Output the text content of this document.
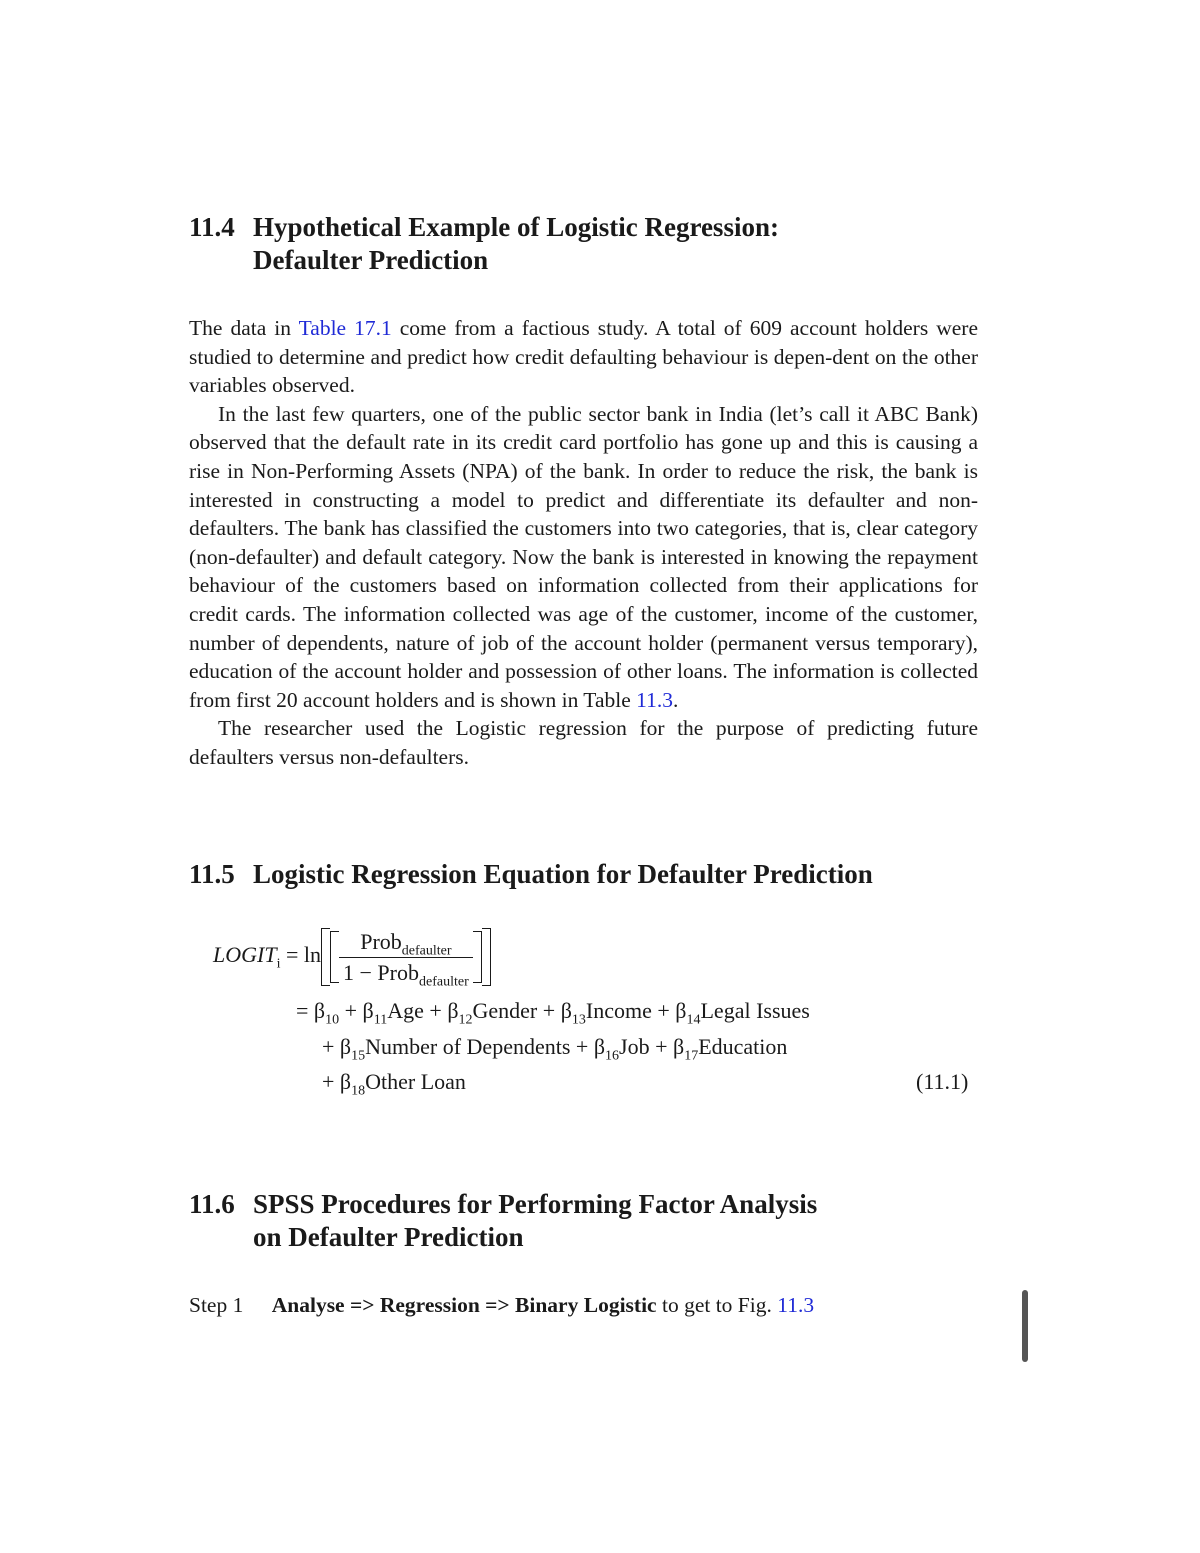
11.4 Hypothetical Example of Logistic Regression:
Defaulter Prediction

The data in Table 17.1 come from a factious study. A total of 609 account holders were studied to determine and predict how credit defaulting behaviour is depen-dent on the other variables observed.

In the last few quarters, one of the public sector bank in India (let’s call it ABC Bank) observed that the default rate in its credit card portfolio has gone up and this is causing a rise in Non-Performing Assets (NPA) of the bank. In order to reduce the risk, the bank is interested in constructing a model to predict and differentiate its defaulter and non-defaulters. The bank has classified the customers into two categories, that is, clear category (non-defaulter) and default category. Now the bank is interested in knowing the repayment behaviour of the customers based on information collected from their applications for credit cards. The information collected was age of the customer, income of the customer, number of dependents, nature of job of the account holder (permanent versus temporary), education of the account holder and possession of other loans. The information is collected from first 20 account holders and is shown in Table 11.3.

The researcher used the Logistic regression for the purpose of predicting future defaulters versus non-defaulters.

11.5 Logistic Regression Equation for Defaulter Prediction
$LOGIT_i = \ln \frac{Prob_{defaulter}}{1 - Prob_{defaulter}}$
= $\beta_{10} + \beta_{11}Age$ + $\beta_{12}Gender$ + $\beta_{13}Income$ + $\beta_{14}Legal$ Issues
+ $\beta_{15}Number$ of Dependents + $\beta_{16}Job$ + $\beta_{17}Education$
+ $\beta_{18}Other$ Loan	(11.1)
11.6 SPSS Procedures for Performing Factor Analysis
on Defaulter Prediction
Step 1 Analyse => Regression => Binary Logistic to get to Fig. 11.3
